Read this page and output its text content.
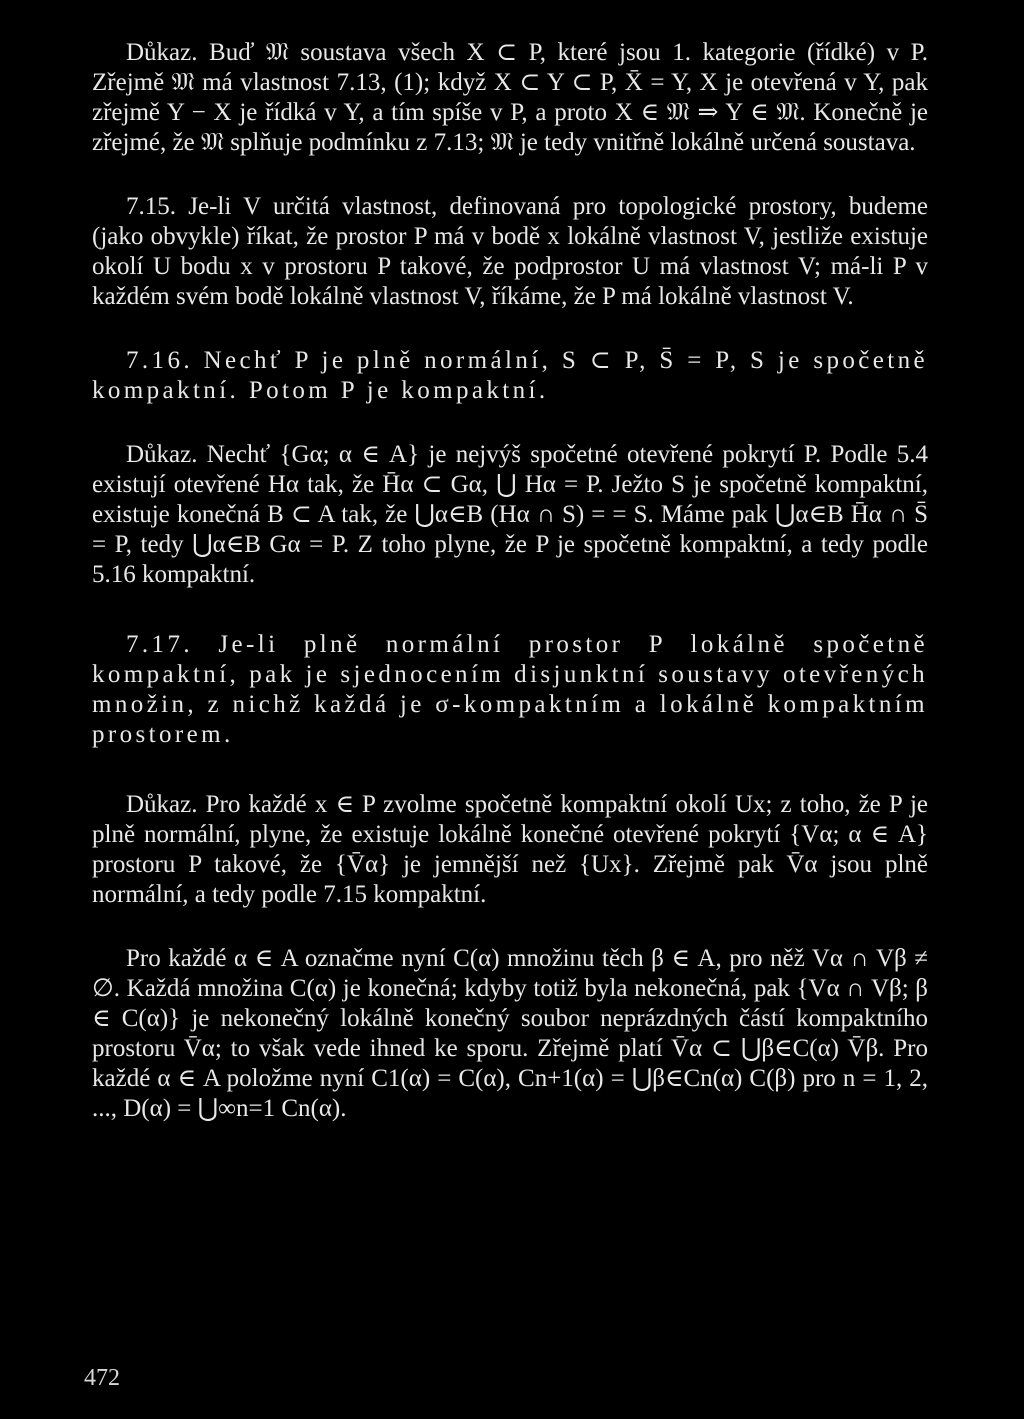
Důkaz. Buď 𝔐 soustava všech X ⊂ P, které jsou 1. kategorie (řídké) v P. Zřejmě 𝔐 má vlastnost 7.13, (1); když X ⊂ Y ⊂ P, X̄ = Y, X je otevřená v Y, pak zřejmě Y − X je řídká v Y, a tím spíše v P, a proto X ∈ 𝔐 ⇒ Y ∈ 𝔐. Konečně je zřejmé, že 𝔐 splňuje podmínku z 7.13; 𝔐 je tedy vnitřně lokálně určená soustava.

7.15. Je-li V určitá vlastnost, definovaná pro topologické prostory, budeme (jako obvykle) říkat, že prostor P má v bodě x lokálně vlastnost V, jestliže existuje okolí U bodu x v prostoru P takové, že podprostor U má vlastnost V; má-li P v každém svém bodě lokálně vlastnost V, říkáme, že P má lokálně vlastnost V.

7.16. Nechť P je plně normální, S ⊂ P, S̄ = P, S je spočetně kompaktní. Potom P je kompaktní.

Důkaz. Nechť {Gα; α ∈ A} je nejvýš spočetné otevřené pokrytí P. Podle 5.4 existují otevřené Hα tak, že H̄α ⊂ Gα, ⋃ Hα = P. Ježto S je spočetně kompaktní, existuje konečná B ⊂ A tak, že ⋃α∈B (Hα ∩ S) = = S. Máme pak ⋃α∈B H̄α ∩ S̄ = P, tedy ⋃α∈B Gα = P. Z toho plyne, že P je spočetně kompaktní, a tedy podle 5.16 kompaktní.

7.17. Je-li plně normální prostor P lokálně spočetně kompaktní, pak je sjednocením disjunktní soustavy otevřených množin, z nichž každá je σ-kompaktním a lokálně kompaktním prostorem.

Důkaz. Pro každé x ∈ P zvolme spočetně kompaktní okolí Ux; z toho, že P je plně normální, plyne, že existuje lokálně konečné otevřené pokrytí {Vα; α ∈ A} prostoru P takové, že {V̄α} je jemnější než {Ux}. Zřejmě pak V̄α jsou plně normální, a tedy podle 7.15 kompaktní.

Pro každé α ∈ A označme nyní C(α) množinu těch β ∈ A, pro něž Vα ∩ Vβ ≠ ∅. Každá množina C(α) je konečná; kdyby totiž byla nekonečná, pak {Vα ∩ Vβ; β ∈ C(α)} je nekonečný lokálně konečný soubor neprázdných částí kompaktního prostoru V̄α; to však vede ihned ke sporu. Zřejmě platí V̄α ⊂ ⋃β∈C(α) V̄β. Pro každé α ∈ A položme nyní C1(α) = C(α), Cn+1(α) = ⋃β∈Cn(α) C(β) pro n = 1, 2, ..., D(α) = ⋃∞n=1 Cn(α).

472
